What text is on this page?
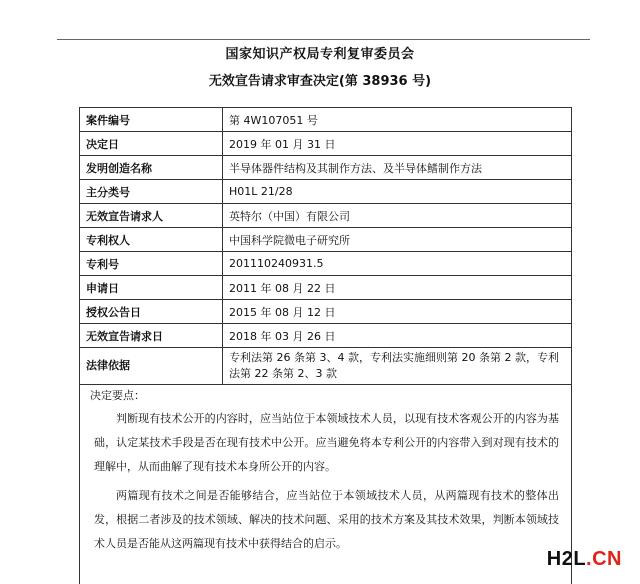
国家知识产权局专利复审委员会
无效宣告请求审查决定(第 38936 号)
案件编号	第 4W107051 号
决定日	2019 年 01 月 31 日
发明创造名称	半导体器件结构及其制作方法、及半导体鳍制作方法
主分类号	H01L 21/28
无效宣告请求人	英特尔（中国）有限公司
专利权人	中国科学院微电子研究所
专利号	201110240931.5
申请日	2011 年 08 月 22 日
授权公告日	2015 年 08 月 12 日
无效宣告请求日	2018 年 03 月 26 日
法律依据	专利法第 26 条第 3、4 款，专利法实施细则第 20 条第 2 款，专利法第 22 条第 2、3 款
决定要点：

判断现有技术公开的内容时，应当站位于本领域技术人员，以现有技术客观公开的内容为基础，认定某技术手段是否在现有技术中公开。应当避免将本专利公开的内容带入到对现有技术的理解中，从而曲解了现有技术本身所公开的内容。

两篇现有技术之间是否能够结合，应当站位于本领域技术人员，从两篇现有技术的整体出发，根据二者涉及的技术领域、解决的技术问题、采用的技术方案及其技术效果，判断本领域技术人员是否能从这两篇现有技术中获得结合的启示。

H2L.CN
